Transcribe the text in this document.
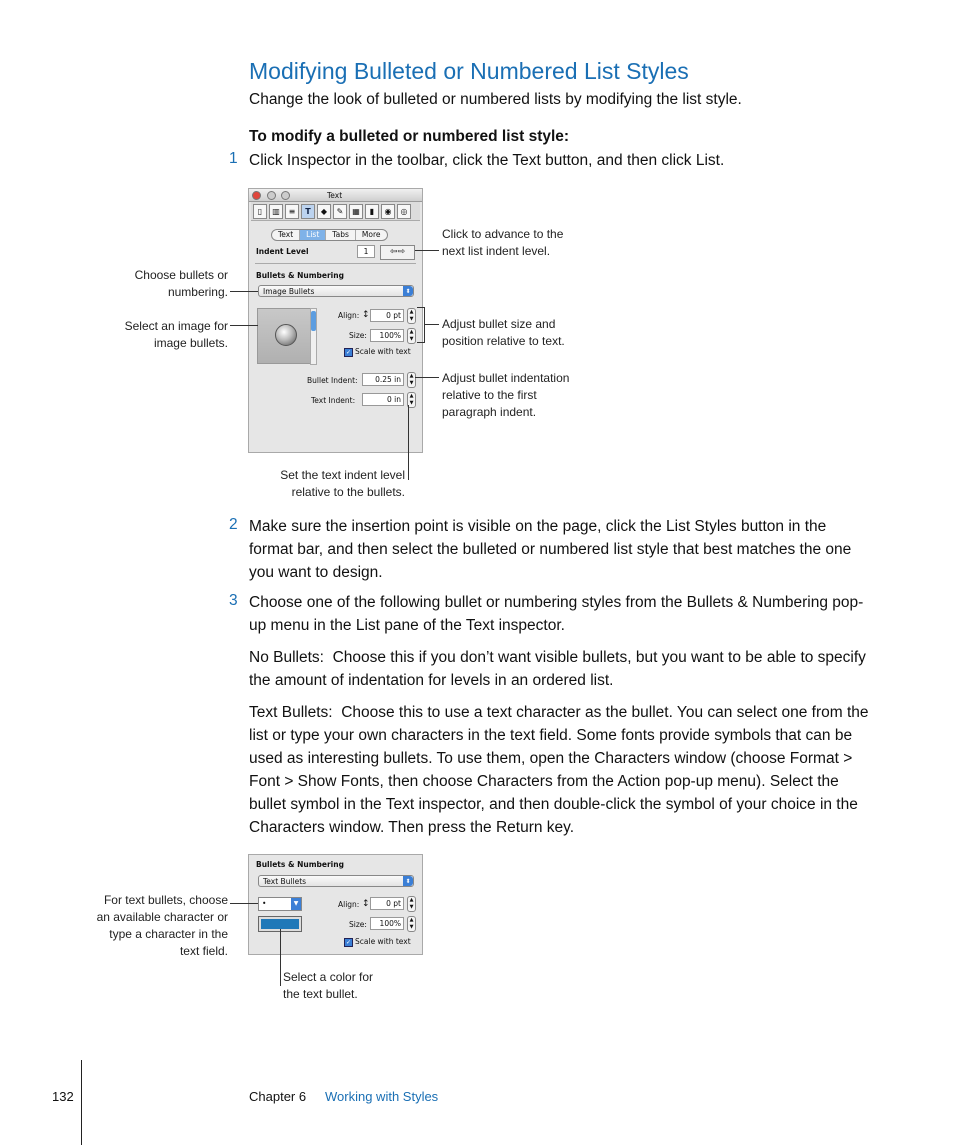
Modifying Bulleted or Numbered List Styles
Change the look of bulleted or numbered lists by modifying the list style.
To modify a bulleted or numbered list style:
1 Click Inspector in the toolbar, click the Text button, and then click List.
Text
▯	▥	≡	T	◆	✎	▦	▮	◉	◎
Text	List	Tabs	More
Indent Level	1	⇦⇨
Bullets & Numbering
Image Bullets	⬍
Align: ↕	0 pt	▲
▼
Size:	100%	▲
▼
✓ Scale with text
Bullet Indent:	0.25 in	▲
▼
Text Indent:	0 in	▲
▼
Click to advance to the next list indent level.
Choose bullets or numbering.
Select an image for image bullets.
Adjust bullet size and position relative to text.
Adjust bullet indentation relative to the first paragraph indent.
Set the text indent level relative to the bullets.
2 Make sure the insertion point is visible on the page, click the List Styles button in the format bar, and then select the bulleted or numbered list style that best matches the one you want to design.
3 Choose one of the following bullet or numbering styles from the Bullets & Numbering pop-up menu in the List pane of the Text inspector.
No Bullets: Choose this if you don’t want visible bullets, but you want to be able to specify the amount of indentation for levels in an ordered list.
Text Bullets: Choose this to use a text character as the bullet. You can select one from the list or type your own characters in the text field. Some fonts provide symbols that can be used as interesting bullets. To use them, open the Characters window (choose Format > Font > Show Fonts, then choose Characters from the Action pop-up menu). Select the bullet symbol in the Text inspector, and then double-click the symbol of your choice in the Characters window. Then press the Return key.
Bullets & Numbering
Text Bullets	⬍
•	▼	Align: ↕	0 pt	▲
▼
Size:	100%	▲
▼
✓ Scale with text
For text bullets, choose an available character or type a character in the text field.
Select a color for the text bullet.
132	Chapter 6 Working with Styles
